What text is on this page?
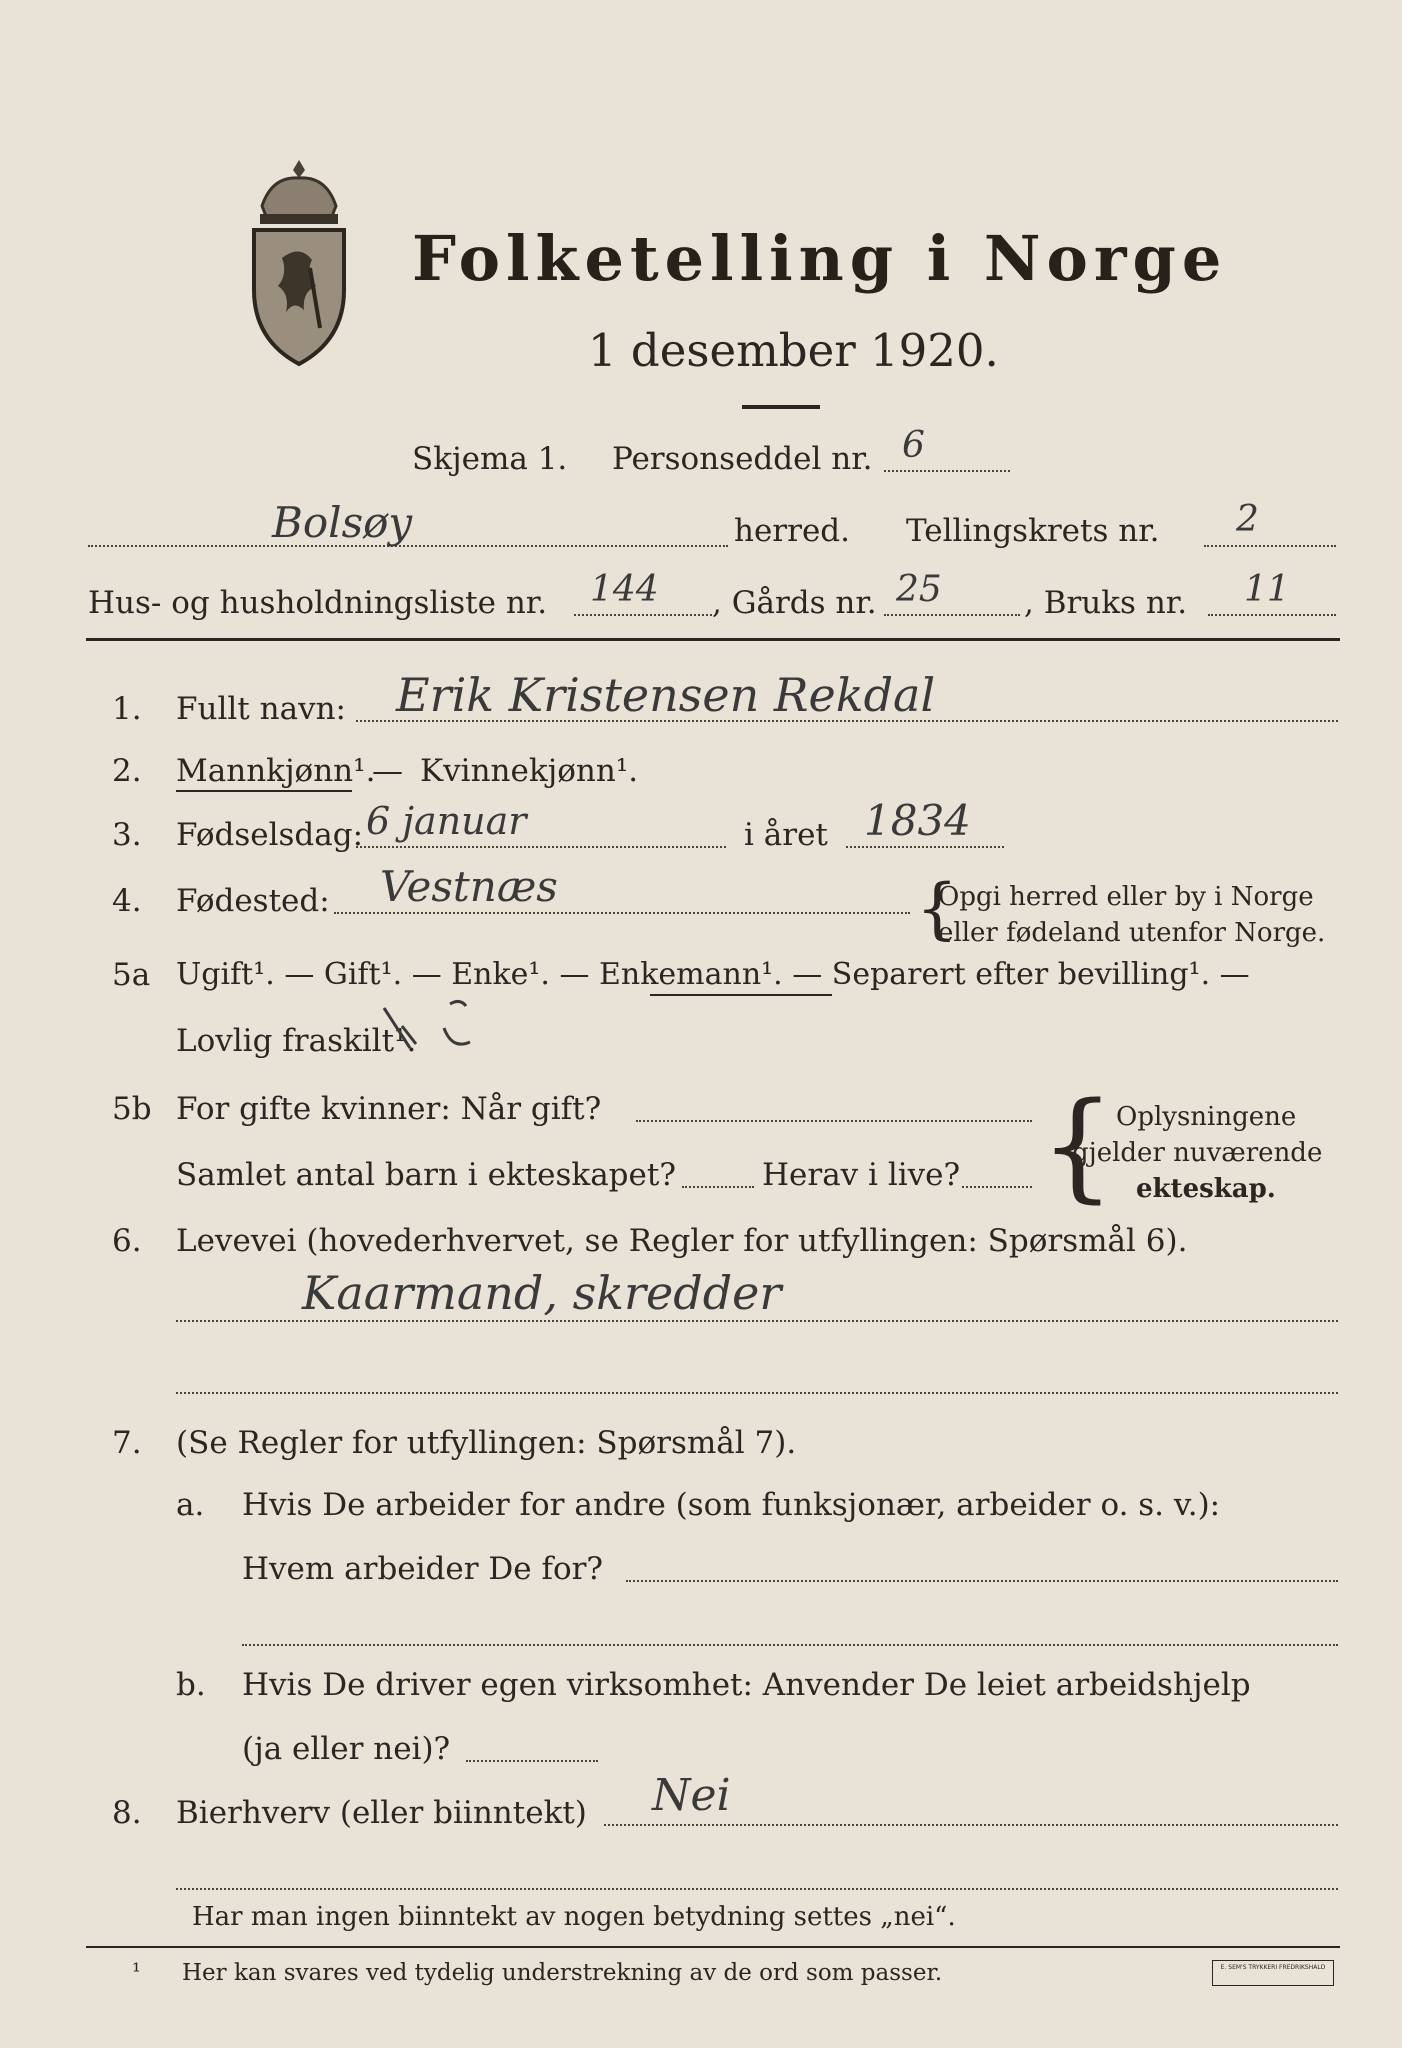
Folketelling i Norge
1 desember 1920.
Skjema 1. Personseddel nr. 6
Bolsøy	herred. Tellingskrets nr. 2
Hus- og husholdningsliste nr. 144 , Gårds nr. 25	, Bruks nr. 11
1. Fullt navn: Erik Kristensen Rekdal
2. Mannkjønn¹.
— Kvinnekjønn¹.
3. Fødselsdag: 6 januar	i året 1834
4. Fødested: Vestnæs	{
Opgi herred eller by i Norge
eller fødeland utenfor Norge.
5a Ugift¹. — Gift¹. — Enke¹. — Enkemann¹. — Separert efter bevilling¹. —
Lovlig fraskilt¹.
5b For gifte kvinner: Når gift?
Samlet antal barn i ekteskapet?	Herav i live? { Oplysningene
gjelder nuværende
ekteskap.
6. Levevei (hovederhvervet, se Regler for utfyllingen: Spørsmål 6).
Kaarmand, skredder
7. (Se Regler for utfyllingen: Spørsmål 7).
a. Hvis De arbeider for andre (som funksjonær, arbeider o. s. v.):
Hvem arbeider De for?
b. Hvis De driver egen virksomhet: Anvender De leiet arbeidshjelp
(ja eller nei)?
8. Bierhverv (eller biinntekt) Nei
Har man ingen biinntekt av nogen betydning settes „nei“.
¹ Her kan svares ved tydelig understrekning av de ord som passer.	E. SEM'S TRYKKERI FREDRIKSHALD
